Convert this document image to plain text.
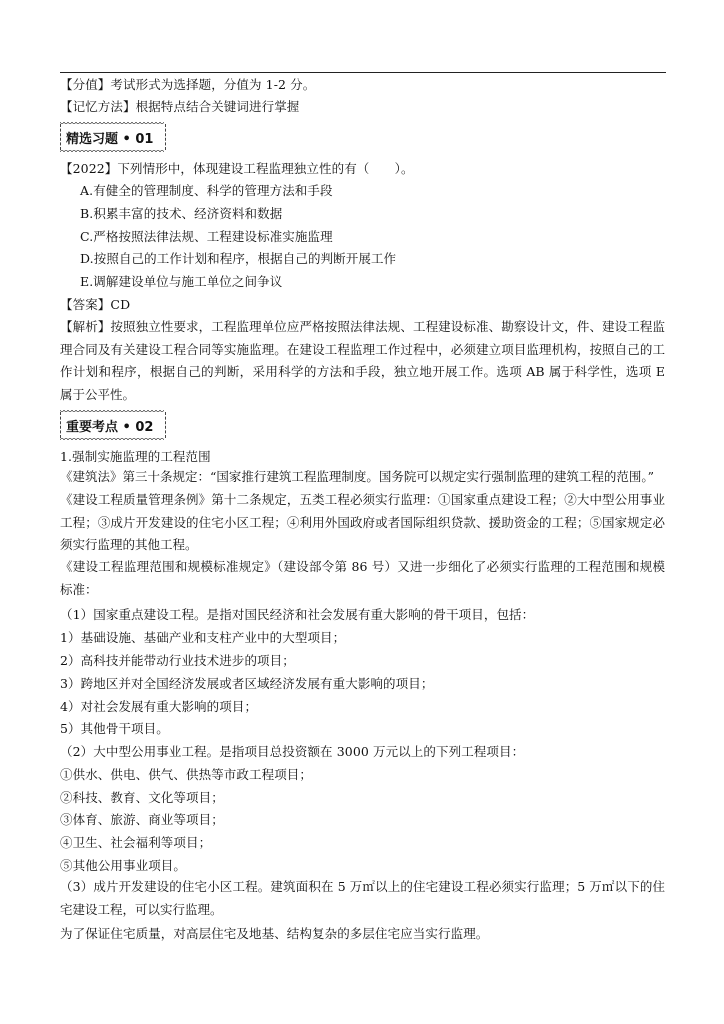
【分值】考试形式为选择题，分值为 1-2 分。
【记忆方法】根据特点结合关键词进行掌握
精选习题 • 01
【2022】下列情形中，体现建设工程监理独立性的有（　　）。
A.有健全的管理制度、科学的管理方法和手段
B.积累丰富的技术、经济资料和数据
C.严格按照法律法规、工程建设标准实施监理
D.按照自己的工作计划和程序，根据自己的判断开展工作
E.调解建设单位与施工单位之间争议
【答案】CD
【解析】按照独立性要求，工程监理单位应严格按照法律法规、工程建设标准、勘察设计文，件、建设工程监理合同及有关建设工程合同等实施监理。在建设工程监理工作过程中，必须建立项目监理机构，按照自己的工作计划和程序，根据自己的判断，采用科学的方法和手段，独立地开展工作。选项 AB 属于科学性，选项 E 属于公平性。
重要考点 • 02
1.强制实施监理的工程范围
《建筑法》第三十条规定：“国家推行建筑工程监理制度。国务院可以规定实行强制监理的建筑工程的范围。”
《建设工程质量管理条例》第十二条规定，五类工程必须实行监理：①国家重点建设工程；②大中型公用事业工程；③成片开发建设的住宅小区工程；④利用外国政府或者国际组织贷款、援助资金的工程；⑤国家规定必须实行监理的其他工程。
《建设工程监理范围和规模标准规定》（建设部令第 86 号）又进一步细化了必须实行监理的工程范围和规模标准：
（1）国家重点建设工程。是指对国民经济和社会发展有重大影响的骨干项目，包括：
1）基础设施、基础产业和支柱产业中的大型项目；
2）高科技并能带动行业技术进步的项目；
3）跨地区并对全国经济发展或者区域经济发展有重大影响的项目；
4）对社会发展有重大影响的项目；
5）其他骨干项目。
（2）大中型公用事业工程。是指项目总投资额在 3000 万元以上的下列工程项目：
①供水、供电、供气、供热等市政工程项目；
②科技、教育、文化等项目；
③体育、旅游、商业等项目；
④卫生、社会福利等项目；
⑤其他公用事业项目。
（3）成片开发建设的住宅小区工程。建筑面积在 5 万㎡以上的住宅建设工程必须实行监理；5 万㎡以下的住宅建设工程，可以实行监理。
为了保证住宅质量，对高层住宅及地基、结构复杂的多层住宅应当实行监理。
